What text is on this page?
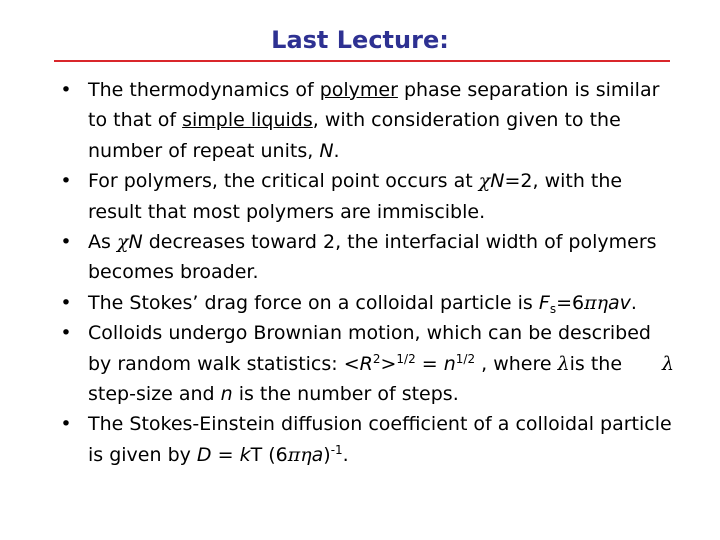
Last Lecture:
• The thermodynamics of polymer phase separation is similar to that of simple liquids, with consideration given to the number of repeat units, N.
• For polymers, the critical point occurs at χN=2, with the result that most polymers are immiscible.
• As χN decreases toward 2, the interfacial width of polymers becomes broader.
• The Stokes’ drag force on a colloidal particle is $F_s=6\pi\eta av$.
• Colloids undergo Brownian motion, which can be described by random walk statistics: $<R^2>^{1/2} = n^{1/2}$ , where λis the λ step-size and n is the number of steps.
• The Stokes-Einstein diffusion coefficient of a colloidal particle is given by D = kT $(6\pi\eta a)^{-1}$.
